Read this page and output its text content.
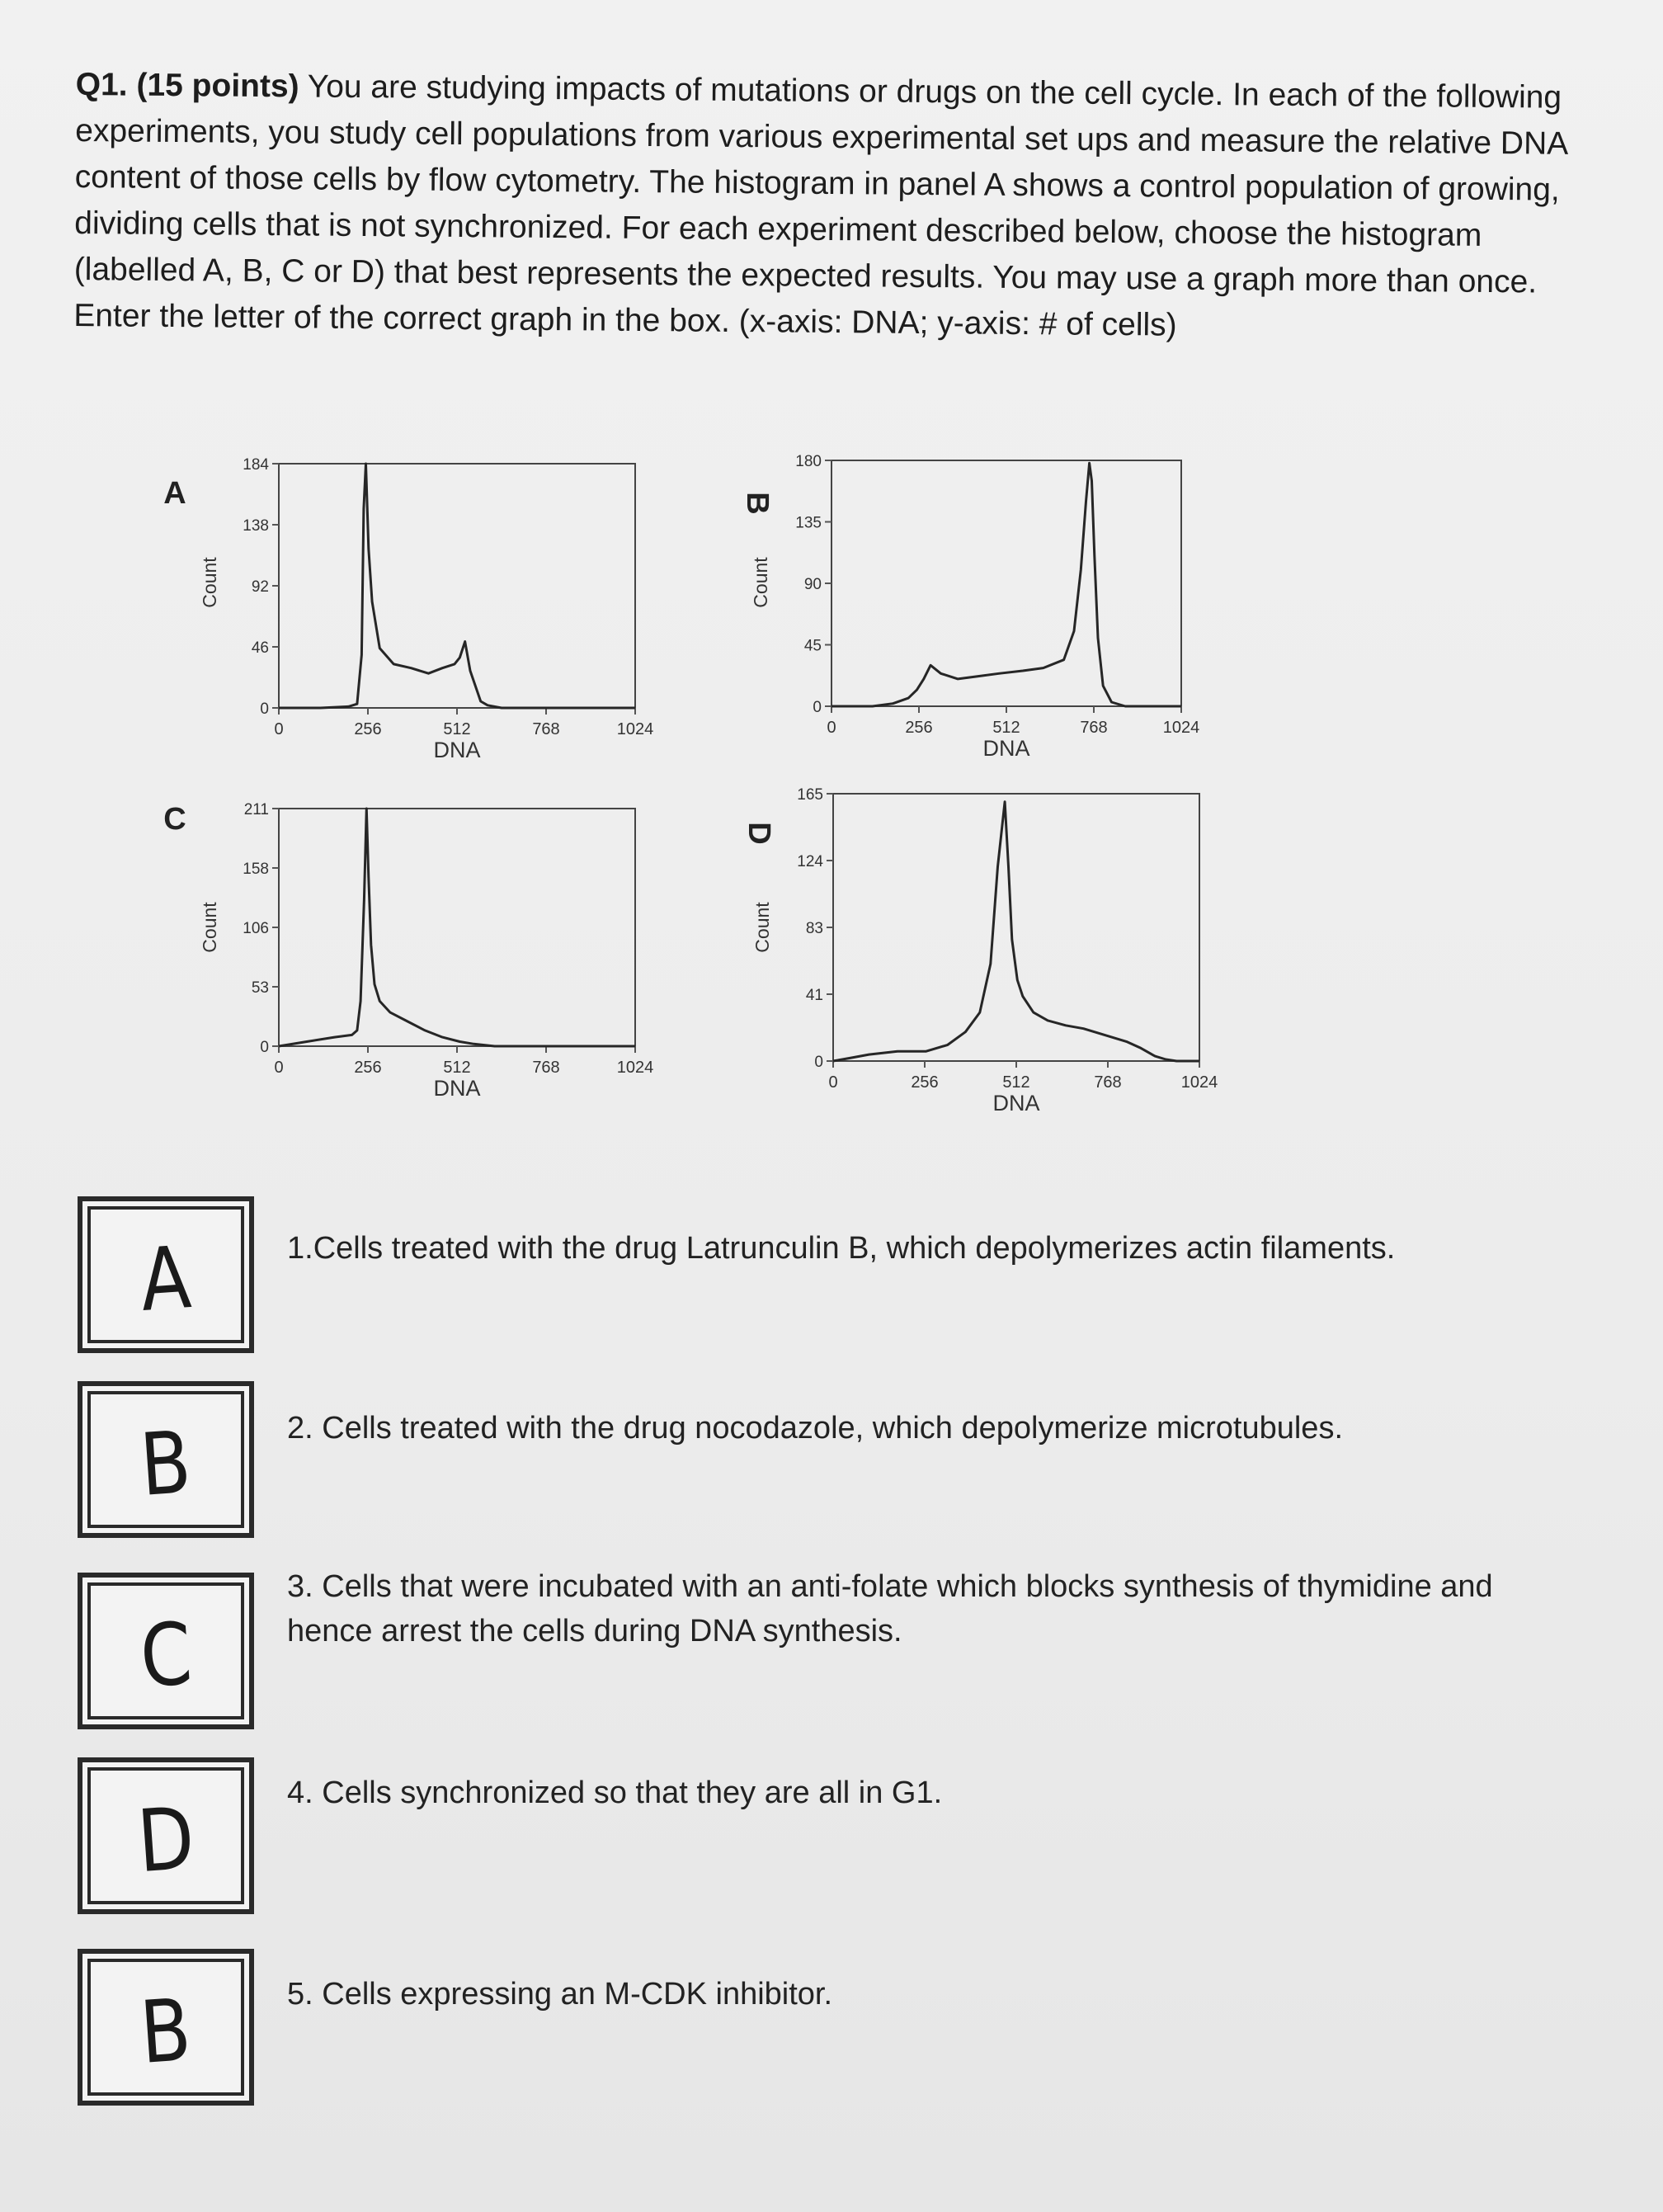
Q1. (15 points) You are studying impacts of mutations or drugs on the cell cycle. In each of the following experiments, you study cell populations from various experimental set ups and measure the relative DNA content of those cells by flow cytometry. The histogram in panel A shows a control population of growing, dividing cells that is not synchronized. For each experiment described below, choose the histogram (labelled A, B, C or D) that best represents the expected results. You may use a graph more than once. Enter the letter of the correct graph in the box. (x-axis: DNA; y-axis: # of cells)
A
0
46
92
138
184
0	256	512	768	1024
DNA
Count
B
0
45
90
135
180
0	256	512	768	1024
DNA
Count
C
0
53
106
158
211
0	256	512	768	1024
DNA
Count
D
0
41
83
124
165
0	256	512	768	1024
DNA
Count
A
B
C
D
B
1.Cells treated with the drug Latrunculin B, which depolymerizes actin filaments.
2. Cells treated with the drug nocodazole, which depolymerize microtubules.
3. Cells that were incubated with an anti-folate which blocks synthesis of thymidine and hence arrest the cells during DNA synthesis.
4. Cells synchronized so that they are all in G1.
5. Cells expressing an M-CDK inhibitor.
